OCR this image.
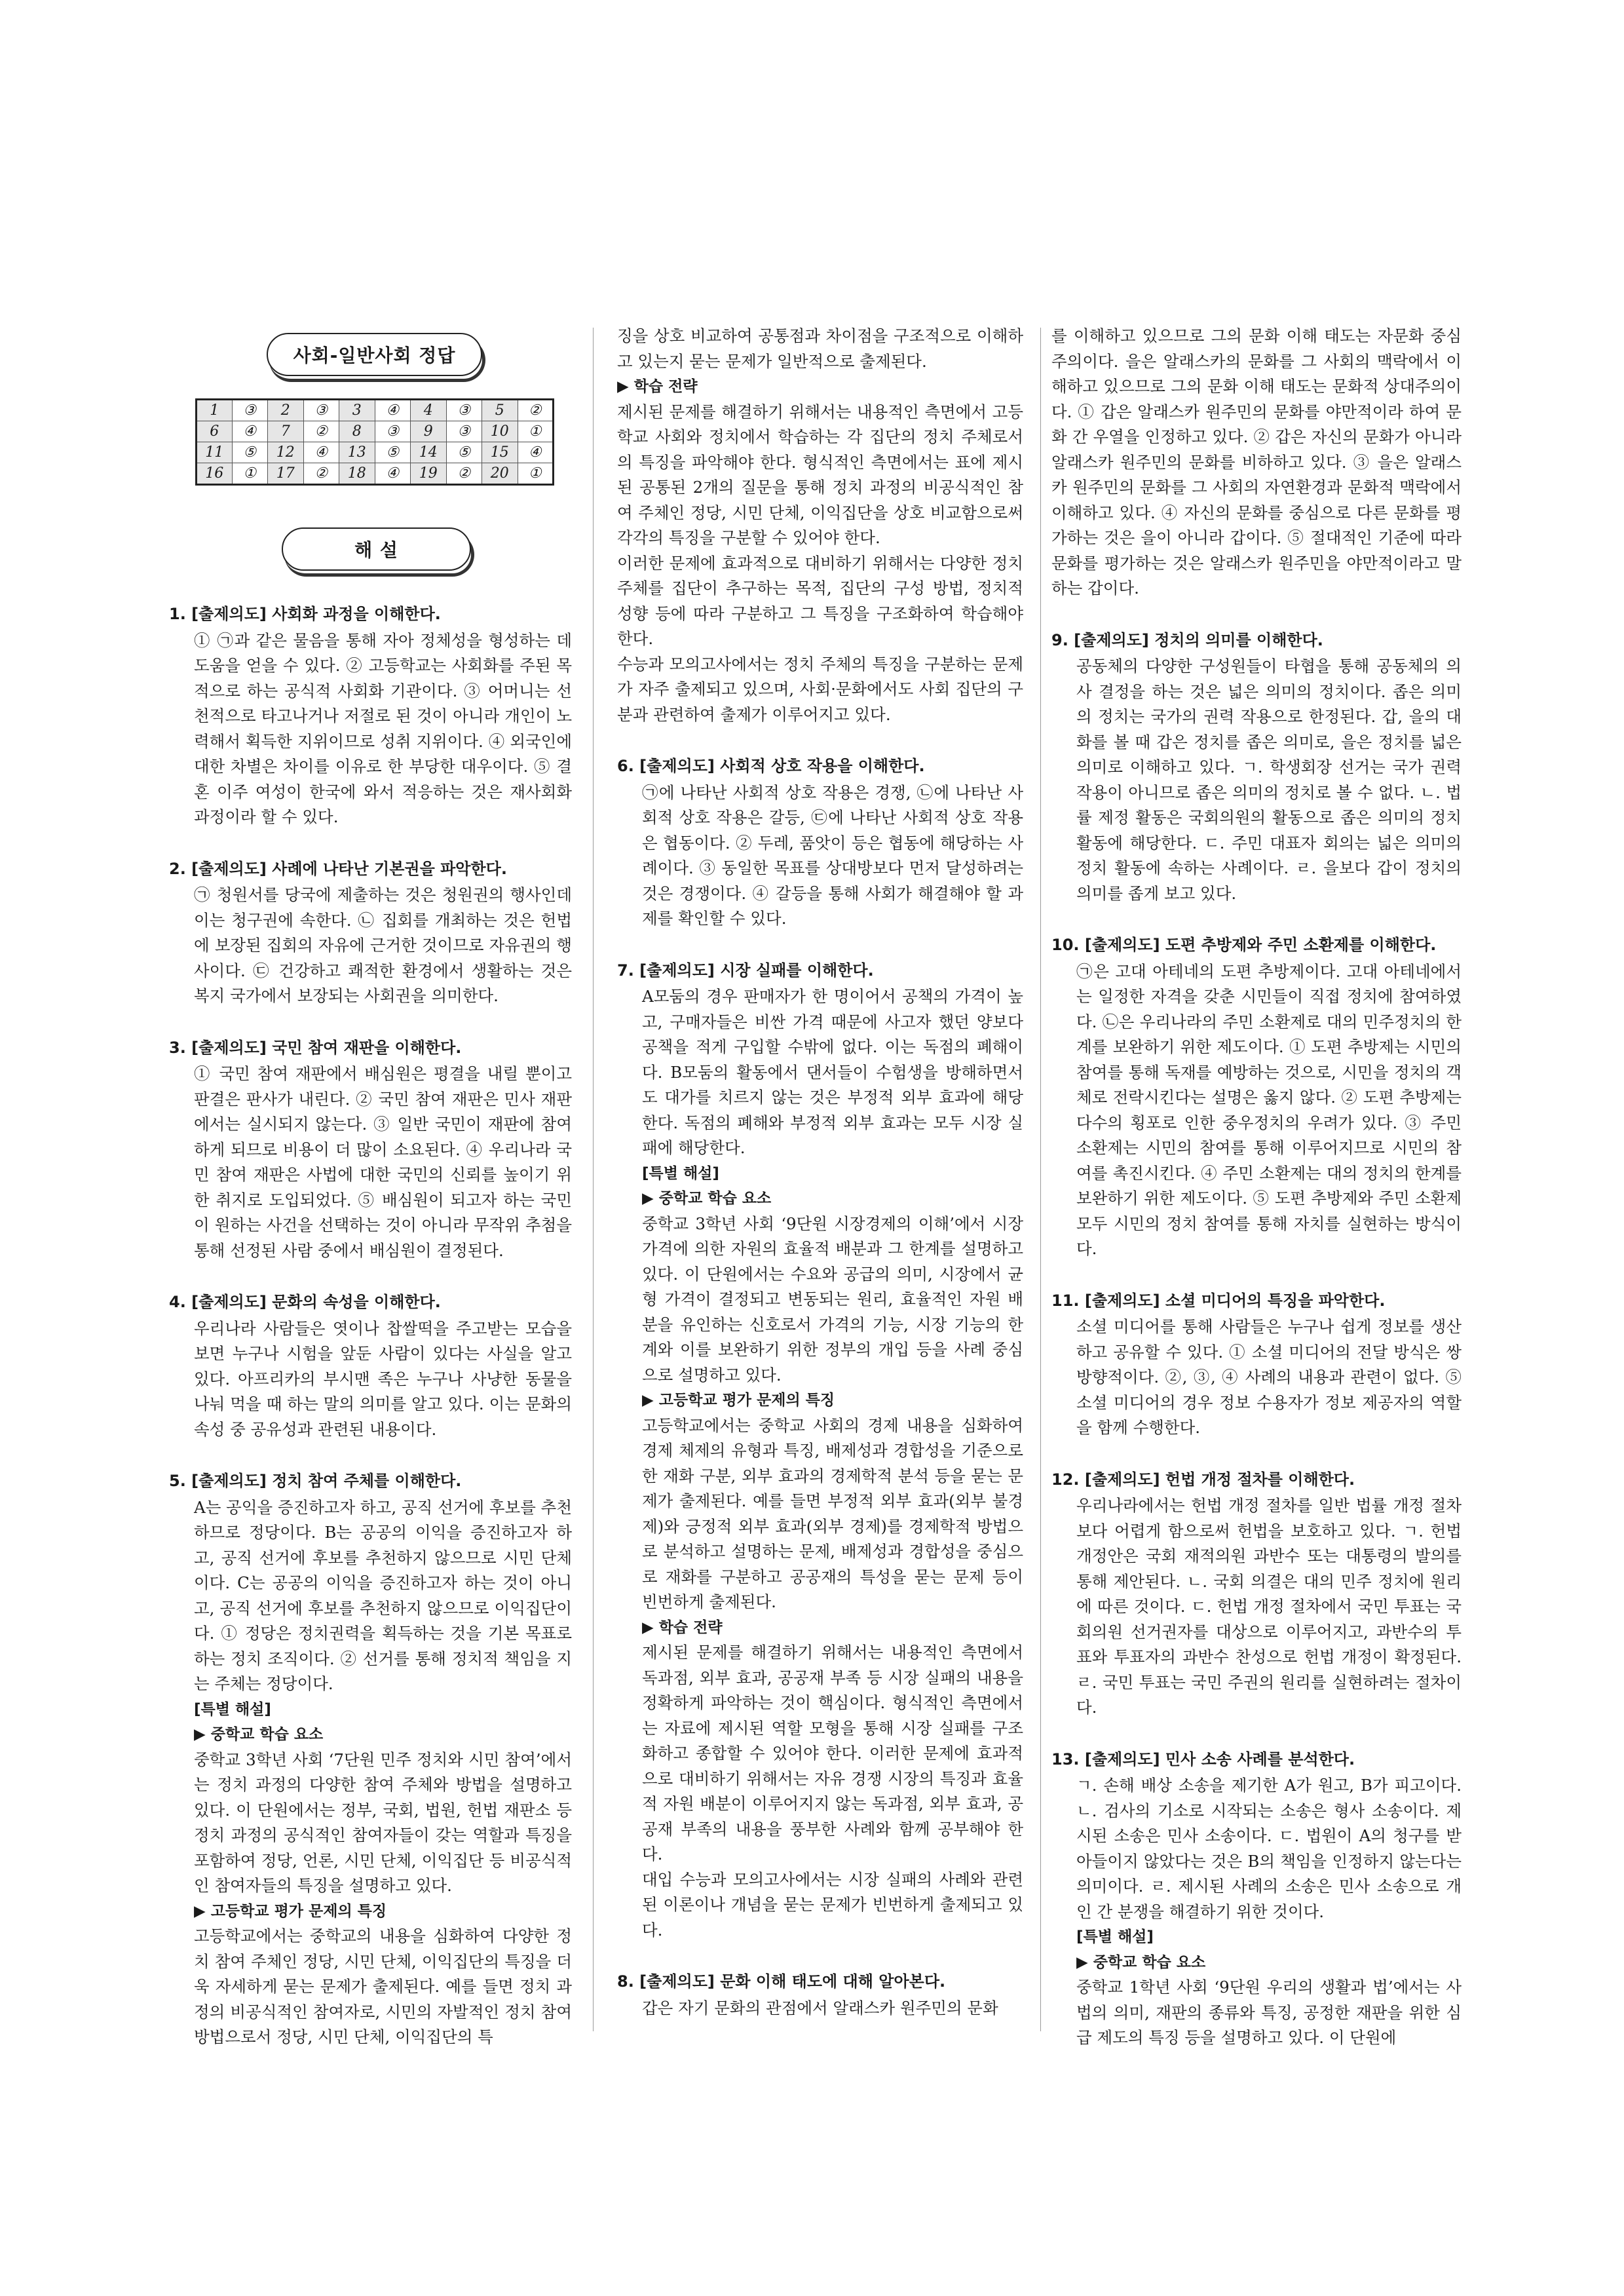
사회-일반사회 정답
1	③	2	③	3	④	4	③	5	②
6	④	7	②	8	③	9	③	10	①
11	⑤	12	④	13	⑤	14	⑤	15	④
16	①	17	②	18	④	19	②	20	①
해 설
1. [출제의도] 사회화 과정을 이해한다.
① ㉠과 같은 물음을 통해 자아 정체성을 형성하는 데 도움을 얻을 수 있다. ② 고등학교는 사회화를 주된 목적으로 하는 공식적 사회화 기관이다. ③ 어머니는 선천적으로 타고나거나 저절로 된 것이 아니라 개인이 노력해서 획득한 지위이므로 성취 지위이다. ④ 외국인에 대한 차별은 차이를 이유로 한 부당한 대우이다. ⑤ 결혼 이주 여성이 한국에 와서 적응하는 것은 재사회화 과정이라 할 수 있다.
2. [출제의도] 사례에 나타난 기본권을 파악한다.
㉠ 청원서를 당국에 제출하는 것은 청원권의 행사인데 이는 청구권에 속한다. ㉡ 집회를 개최하는 것은 헌법에 보장된 집회의 자유에 근거한 것이므로 자유권의 행사이다. ㉢ 건강하고 쾌적한 환경에서 생활하는 것은 복지 국가에서 보장되는 사회권을 의미한다.
3. [출제의도] 국민 참여 재판을 이해한다.
① 국민 참여 재판에서 배심원은 평결을 내릴 뿐이고 판결은 판사가 내린다. ② 국민 참여 재판은 민사 재판에서는 실시되지 않는다. ③ 일반 국민이 재판에 참여하게 되므로 비용이 더 많이 소요된다. ④ 우리나라 국민 참여 재판은 사법에 대한 국민의 신뢰를 높이기 위한 취지로 도입되었다. ⑤ 배심원이 되고자 하는 국민이 원하는 사건을 선택하는 것이 아니라 무작위 추첨을 통해 선정된 사람 중에서 배심원이 결정된다.
4. [출제의도] 문화의 속성을 이해한다.
우리나라 사람들은 엿이나 찹쌀떡을 주고받는 모습을 보면 누구나 시험을 앞둔 사람이 있다는 사실을 알고 있다. 아프리카의 부시맨 족은 누구나 사냥한 동물을 나눠 먹을 때 하는 말의 의미를 알고 있다. 이는 문화의 속성 중 공유성과 관련된 내용이다.
5. [출제의도] 정치 참여 주체를 이해한다.
A는 공익을 증진하고자 하고, 공직 선거에 후보를 추천하므로 정당이다. B는 공공의 이익을 증진하고자 하고, 공직 선거에 후보를 추천하지 않으므로 시민 단체이다. C는 공공의 이익을 증진하고자 하는 것이 아니고, 공직 선거에 후보를 추천하지 않으므로 이익집단이다. ① 정당은 정치권력을 획득하는 것을 기본 목표로 하는 정치 조직이다. ② 선거를 통해 정치적 책임을 지는 주체는 정당이다.
[특별 해설]
▶ 중학교 학습 요소
중학교 3학년 사회 ‘7단원 민주 정치와 시민 참여’에서는 정치 과정의 다양한 참여 주체와 방법을 설명하고 있다. 이 단원에서는 정부, 국회, 법원, 헌법 재판소 등 정치 과정의 공식적인 참여자들이 갖는 역할과 특징을 포함하여 정당, 언론, 시민 단체, 이익집단 등 비공식적인 참여자들의 특징을 설명하고 있다.
▶ 고등학교 평가 문제의 특징
고등학교에서는 중학교의 내용을 심화하여 다양한 정치 참여 주체인 정당, 시민 단체, 이익집단의 특징을 더욱 자세하게 묻는 문제가 출제된다. 예를 들면 정치 과정의 비공식적인 참여자로, 시민의 자발적인 정치 참여 방법으로서 정당, 시민 단체, 이익집단의 특
징을 상호 비교하여 공통점과 차이점을 구조적으로 이해하고 있는지 묻는 문제가 일반적으로 출제된다.
▶ 학습 전략
제시된 문제를 해결하기 위해서는 내용적인 측면에서 고등학교 사회와 정치에서 학습하는 각 집단의 정치 주체로서의 특징을 파악해야 한다. 형식적인 측면에서는 표에 제시된 공통된 2개의 질문을 통해 정치 과정의 비공식적인 참여 주체인 정당, 시민 단체, 이익집단을 상호 비교함으로써 각각의 특징을 구분할 수 있어야 한다.
이러한 문제에 효과적으로 대비하기 위해서는 다양한 정치 주체를 집단이 추구하는 목적, 집단의 구성 방법, 정치적 성향 등에 따라 구분하고 그 특징을 구조화하여 학습해야 한다.
수능과 모의고사에서는 정치 주체의 특징을 구분하는 문제가 자주 출제되고 있으며, 사회·문화에서도 사회 집단의 구분과 관련하여 출제가 이루어지고 있다.
6. [출제의도] 사회적 상호 작용을 이해한다.
㉠에 나타난 사회적 상호 작용은 경쟁, ㉡에 나타난 사회적 상호 작용은 갈등, ㉢에 나타난 사회적 상호 작용은 협동이다. ② 두레, 품앗이 등은 협동에 해당하는 사례이다. ③ 동일한 목표를 상대방보다 먼저 달성하려는 것은 경쟁이다. ④ 갈등을 통해 사회가 해결해야 할 과제를 확인할 수 있다.
7. [출제의도] 시장 실패를 이해한다.
A모둠의 경우 판매자가 한 명이어서 공책의 가격이 높고, 구매자들은 비싼 가격 때문에 사고자 했던 양보다 공책을 적게 구입할 수밖에 없다. 이는 독점의 폐해이다. B모둠의 활동에서 댄서들이 수험생을 방해하면서도 대가를 치르지 않는 것은 부정적 외부 효과에 해당한다. 독점의 폐해와 부정적 외부 효과는 모두 시장 실패에 해당한다.
[특별 해설]
▶ 중학교 학습 요소
중학교 3학년 사회 ‘9단원 시장경제의 이해’에서 시장 가격에 의한 자원의 효율적 배분과 그 한계를 설명하고 있다. 이 단원에서는 수요와 공급의 의미, 시장에서 균형 가격이 결정되고 변동되는 원리, 효율적인 자원 배분을 유인하는 신호로서 가격의 기능, 시장 기능의 한계와 이를 보완하기 위한 정부의 개입 등을 사례 중심으로 설명하고 있다.
▶ 고등학교 평가 문제의 특징
고등학교에서는 중학교 사회의 경제 내용을 심화하여 경제 체제의 유형과 특징, 배제성과 경합성을 기준으로 한 재화 구분, 외부 효과의 경제학적 분석 등을 묻는 문제가 출제된다. 예를 들면 부정적 외부 효과(외부 불경제)와 긍정적 외부 효과(외부 경제)를 경제학적 방법으로 분석하고 설명하는 문제, 배제성과 경합성을 중심으로 재화를 구분하고 공공재의 특성을 묻는 문제 등이 빈번하게 출제된다.
▶ 학습 전략
제시된 문제를 해결하기 위해서는 내용적인 측면에서 독과점, 외부 효과, 공공재 부족 등 시장 실패의 내용을 정확하게 파악하는 것이 핵심이다. 형식적인 측면에서는 자료에 제시된 역할 모형을 통해 시장 실패를 구조화하고 종합할 수 있어야 한다. 이러한 문제에 효과적으로 대비하기 위해서는 자유 경쟁 시장의 특징과 효율적 자원 배분이 이루어지지 않는 독과점, 외부 효과, 공공재 부족의 내용을 풍부한 사례와 함께 공부해야 한다.
대입 수능과 모의고사에서는 시장 실패의 사례와 관련된 이론이나 개념을 묻는 문제가 빈번하게 출제되고 있다.
8. [출제의도] 문화 이해 태도에 대해 알아본다.
갑은 자기 문화의 관점에서 알래스카 원주민의 문화
를 이해하고 있으므로 그의 문화 이해 태도는 자문화 중심주의이다. 을은 알래스카의 문화를 그 사회의 맥락에서 이해하고 있으므로 그의 문화 이해 태도는 문화적 상대주의이다. ① 갑은 알래스카 원주민의 문화를 야만적이라 하여 문화 간 우열을 인정하고 있다. ② 갑은 자신의 문화가 아니라 알래스카 원주민의 문화를 비하하고 있다. ③ 을은 알래스카 원주민의 문화를 그 사회의 자연환경과 문화적 맥락에서 이해하고 있다. ④ 자신의 문화를 중심으로 다른 문화를 평가하는 것은 을이 아니라 갑이다. ⑤ 절대적인 기준에 따라 문화를 평가하는 것은 알래스카 원주민을 야만적이라고 말하는 갑이다.
9. [출제의도] 정치의 의미를 이해한다.
공동체의 다양한 구성원들이 타협을 통해 공동체의 의사 결정을 하는 것은 넓은 의미의 정치이다. 좁은 의미의 정치는 국가의 권력 작용으로 한정된다. 갑, 을의 대화를 볼 때 갑은 정치를 좁은 의미로, 을은 정치를 넓은 의미로 이해하고 있다. ㄱ. 학생회장 선거는 국가 권력 작용이 아니므로 좁은 의미의 정치로 볼 수 없다. ㄴ. 법률 제정 활동은 국회의원의 활동으로 좁은 의미의 정치 활동에 해당한다. ㄷ. 주민 대표자 회의는 넓은 의미의 정치 활동에 속하는 사례이다. ㄹ. 을보다 갑이 정치의 의미를 좁게 보고 있다.
10. [출제의도] 도편 추방제와 주민 소환제를 이해한다.
㉠은 고대 아테네의 도편 추방제이다. 고대 아테네에서는 일정한 자격을 갖춘 시민들이 직접 정치에 참여하였다. ㉡은 우리나라의 주민 소환제로 대의 민주정치의 한계를 보완하기 위한 제도이다. ① 도편 추방제는 시민의 참여를 통해 독재를 예방하는 것으로, 시민을 정치의 객체로 전락시킨다는 설명은 옳지 않다. ② 도편 추방제는 다수의 횡포로 인한 중우정치의 우려가 있다. ③ 주민 소환제는 시민의 참여를 통해 이루어지므로 시민의 참여를 촉진시킨다. ④ 주민 소환제는 대의 정치의 한계를 보완하기 위한 제도이다. ⑤ 도편 추방제와 주민 소환제 모두 시민의 정치 참여를 통해 자치를 실현하는 방식이다.
11. [출제의도] 소셜 미디어의 특징을 파악한다.
소셜 미디어를 통해 사람들은 누구나 쉽게 정보를 생산하고 공유할 수 있다. ① 소셜 미디어의 전달 방식은 쌍방향적이다. ②, ③, ④ 사례의 내용과 관련이 없다. ⑤ 소셜 미디어의 경우 정보 수용자가 정보 제공자의 역할을 함께 수행한다.
12. [출제의도] 헌법 개정 절차를 이해한다.
우리나라에서는 헌법 개정 절차를 일반 법률 개정 절차보다 어렵게 함으로써 헌법을 보호하고 있다. ㄱ. 헌법 개정안은 국회 재적의원 과반수 또는 대통령의 발의를 통해 제안된다. ㄴ. 국회 의결은 대의 민주 정치에 원리에 따른 것이다. ㄷ. 헌법 개정 절차에서 국민 투표는 국회의원 선거권자를 대상으로 이루어지고, 과반수의 투표와 투표자의 과반수 찬성으로 헌법 개정이 확정된다. ㄹ. 국민 투표는 국민 주권의 원리를 실현하려는 절차이다.
13. [출제의도] 민사 소송 사례를 분석한다.
ㄱ. 손해 배상 소송을 제기한 A가 원고, B가 피고이다. ㄴ. 검사의 기소로 시작되는 소송은 형사 소송이다. 제시된 소송은 민사 소송이다. ㄷ. 법원이 A의 청구를 받아들이지 않았다는 것은 B의 책임을 인정하지 않는다는 의미이다. ㄹ. 제시된 사례의 소송은 민사 소송으로 개인 간 분쟁을 해결하기 위한 것이다.
[특별 해설]
▶ 중학교 학습 요소
중학교 1학년 사회 ‘9단원 우리의 생활과 법’에서는 사법의 의미, 재판의 종류와 특징, 공정한 재판을 위한 심급 제도의 특징 등을 설명하고 있다. 이 단원에
